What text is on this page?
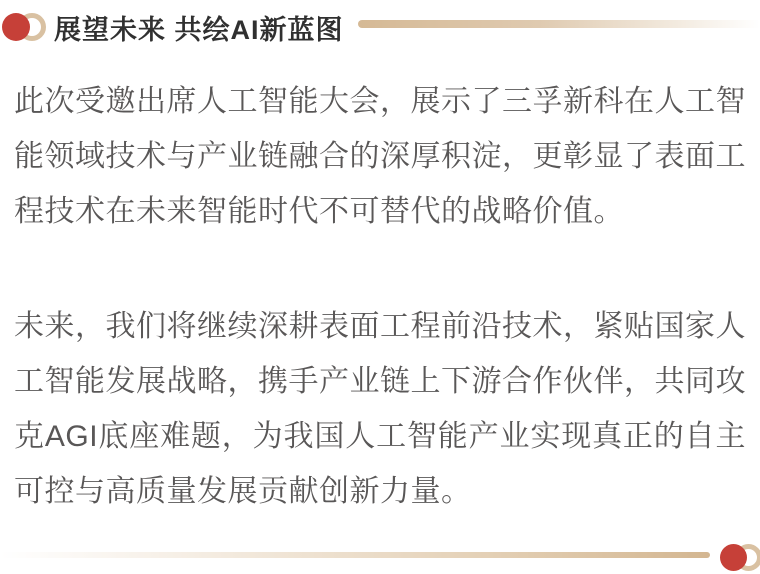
展望未来 共绘AI新蓝图

此次受邀出席人工智能大会，展示了三孚新科在人工智能领域技术与产业链融合的深厚积淀，更彰显了表面工程技术在未来智能时代不可替代的战略价值。

未来，我们将继续深耕表面工程前沿技术，紧贴国家人工智能发展战略，携手产业链上下游合作伙伴，共同攻克AGI底座难题，为我国人工智能产业实现真正的自主可控与高质量发展贡献创新力量。
